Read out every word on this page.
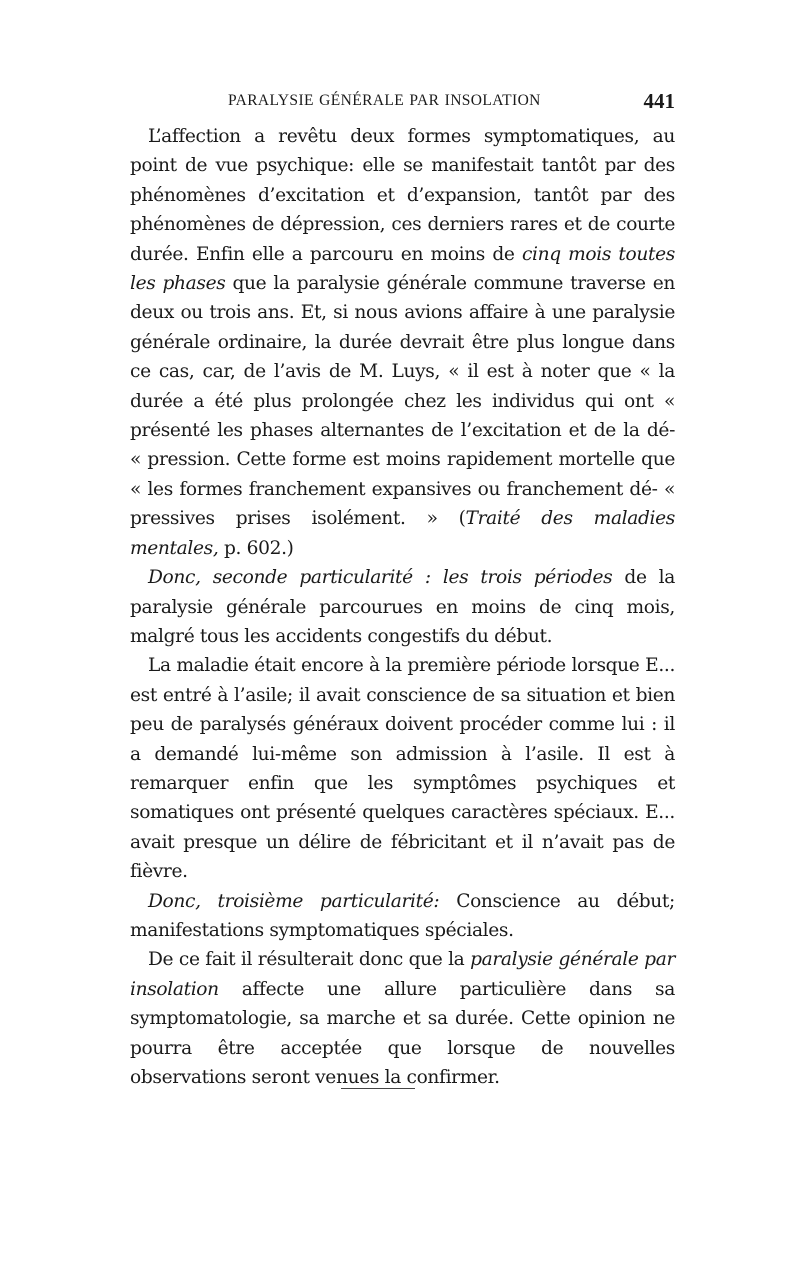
PARALYSIE GÉNÉRALE PAR INSOLATION	441

L’affection a revêtu deux formes symptomatiques, au point de vue psychique: elle se manifestait tantôt par des phénomènes d’excitation et d’expansion, tantôt par des phénomènes de dépression, ces derniers rares et de courte durée. Enfin elle a parcouru en moins de cinq mois toutes les phases que la paralysie générale commune traverse en deux ou trois ans. Et, si nous avions affaire à une paralysie générale ordinaire, la durée devrait être plus longue dans ce cas, car, de l’avis de M. Luys, « il est à noter que « la durée a été plus prolongée chez les individus qui ont « présenté les phases alternantes de l’excitation et de la dé- « pression. Cette forme est moins rapidement mortelle que « les formes franchement expansives ou franchement dé- « pressives prises isolément. » (Traité des maladies mentales, p. 602.)

Donc, seconde particularité : les trois périodes de la paralysie générale parcourues en moins de cinq mois, malgré tous les accidents congestifs du début.

La maladie était encore à la première période lorsque E... est entré à l’asile; il avait conscience de sa situation et bien peu de paralysés généraux doivent procéder comme lui : il a demandé lui-même son admission à l’asile. Il est à remarquer enfin que les symptômes psychiques et somatiques ont présenté quelques caractères spéciaux. E... avait presque un délire de fébricitant et il n’avait pas de fièvre.

Donc, troisième particularité: Conscience au début; manifestations symptomatiques spéciales.

De ce fait il résulterait donc que la paralysie générale par insolation affecte une allure particulière dans sa symptomatologie, sa marche et sa durée. Cette opinion ne pourra être acceptée que lorsque de nouvelles observations seront venues la confirmer.
